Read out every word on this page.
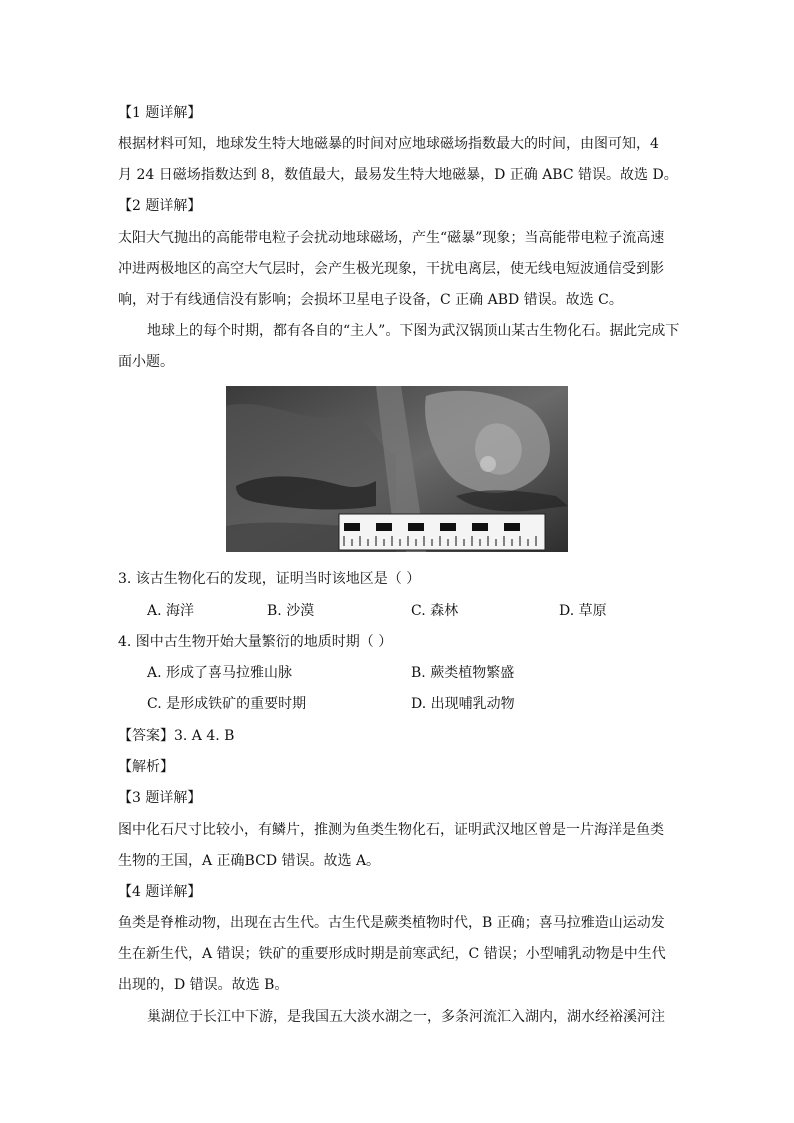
【1 题详解】
根据材料可知，地球发生特大地磁暴的时间对应地球磁场指数最大的时间，由图可知，4
月 24 日磁场指数达到 8，数值最大，最易发生特大地磁暴，D 正确 ABC 错误。故选 D。
【2 题详解】
太阳大气抛出的高能带电粒子会扰动地球磁场，产生“磁暴”现象；当高能带电粒子流高速
冲进两极地区的高空大气层时，会产生极光现象，干扰电离层，使无线电短波通信受到影
响，对于有线通信没有影响；会损坏卫星电子设备，C 正确 ABD 错误。故选 C。
地球上的每个时期，都有各自的“主人”。下图为武汉锅顶山某古生物化石。据此完成下
面小题。
3. 该古生物化石的发现，证明当时该地区是（ ）
A. 海洋	B. 沙漠	C. 森林	D. 草原
4. 图中古生物开始大量繁衍的地质时期（ ）
A. 形成了喜马拉雅山脉	B. 蕨类植物繁盛
C. 是形成铁矿的重要时期	D. 出现哺乳动物
【答案】3. A 4. B
【解析】
【3 题详解】
图中化石尺寸比较小，有鳞片，推测为鱼类生物化石，证明武汉地区曾是一片海洋是鱼类
生物的王国，A 正确BCD 错误。故选 A。
【4 题详解】
鱼类是脊椎动物，出现在古生代。古生代是蕨类植物时代，B 正确；喜马拉雅造山运动发
生在新生代，A 错误；铁矿的重要形成时期是前寒武纪，C 错误；小型哺乳动物是中生代
出现的，D 错误。故选 B。
巢湖位于长江中下游，是我国五大淡水湖之一，多条河流汇入湖内，湖水经裕溪河注
